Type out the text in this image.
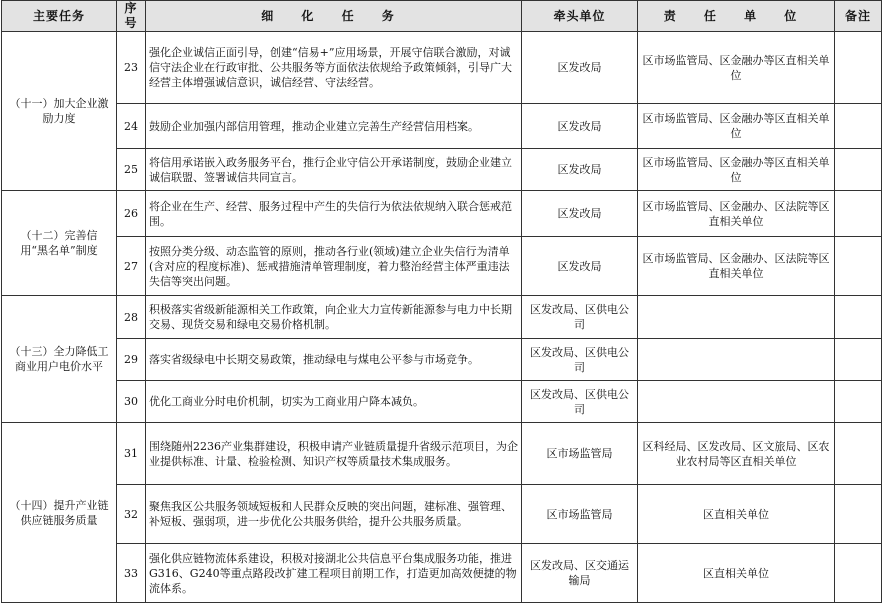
主要任务	序号	细 化 任 务	牵头单位	责 任 单 位	备注
（十一）加大企业激励力度	23	强化企业诚信正面引导，创建“信易+”应用场景，开展守信联合激励，对诚信守法企业在行政审批、公共服务等方面依法依规给予政策倾斜，引导广大经营主体增强诚信意识，诚信经营、守法经营。	区发改局	区市场监管局、区金融办等区直相关单位	
	24	鼓励企业加强内部信用管理，推动企业建立完善生产经营信用档案。	区发改局	区市场监管局、区金融办等区直相关单位	
	25	将信用承诺嵌入政务服务平台，推行企业守信公开承诺制度，鼓励企业建立诚信联盟、签署诚信共同宣言。	区发改局	区市场监管局、区金融办等区直相关单位	
（十二）完善信用“黑名单”制度	26	将企业在生产、经营、服务过程中产生的失信行为依法依规纳入联合惩戒范围。	区发改局	区市场监管局、区金融办、区法院等区直相关单位	
	27	按照分类分级、动态监管的原则，推动各行业(领域)建立企业失信行为清单(含对应的程度标准)、惩戒措施清单管理制度，着力整治经营主体严重违法失信等突出问题。	区发改局	区市场监管局、区金融办、区法院等区直相关单位	
（十三）全力降低工商业用户电价水平	28	积极落实省级新能源相关工作政策，向企业大力宣传新能源参与电力中长期交易、现货交易和绿电交易价格机制。	区发改局、区供电公司		
	29	落实省级绿电中长期交易政策，推动绿电与煤电公平参与市场竞争。	区发改局、区供电公司		
	30	优化工商业分时电价机制，切实为工商业用户降本减负。	区发改局、区供电公司		
（十四）提升产业链供应链服务质量	31	围绕随州2236产业集群建设，积极申请产业链质量提升省级示范项目，为企业提供标准、计量、检验检测、知识产权等质量技术集成服务。	区市场监管局	区科经局、区发改局、区文旅局、区农业农村局等区直相关单位	
	32	聚焦我区公共服务领域短板和人民群众反映的突出问题，建标准、强管理、补短板、强弱项，进一步优化公共服务供给，提升公共服务质量。	区市场监管局	区直相关单位	
	33	强化供应链物流体系建设，积极对接湖北公共信息平台集成服务功能，推进G316、G240等重点路段改扩建工程项目前期工作，打造更加高效便捷的物流体系。	区发改局、区交通运输局	区直相关单位	
